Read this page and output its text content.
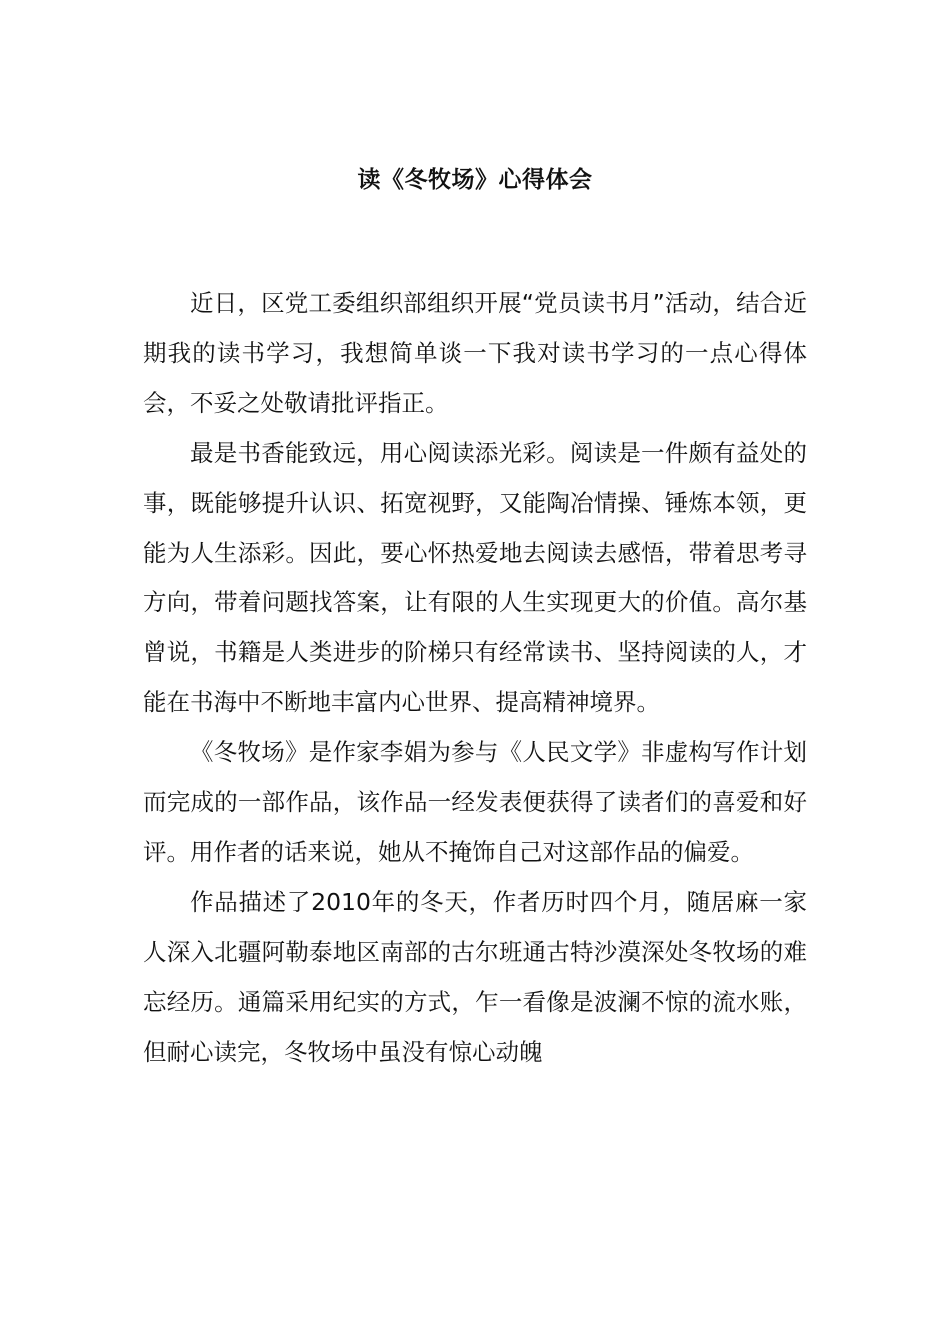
读《冬牧场》心得体会

近日，区党工委组织部组织开展“党员读书月”活动，结合近期我的读书学习，我想简单谈一下我对读书学习的一点心得体会，不妥之处敬请批评指正。

最是书香能致远，用心阅读添光彩。阅读是一件颇有益处的事，既能够提升认识、拓宽视野，又能陶冶情操、锤炼本领，更能为人生添彩。因此，要心怀热爱地去阅读去感悟，带着思考寻方向，带着问题找答案，让有限的人生实现更大的价值。高尔基曾说，书籍是人类进步的阶梯只有经常读书、坚持阅读的人，才能在书海中不断地丰富内心世界、提高精神境界。

《冬牧场》是作家李娟为参与《人民文学》非虚构写作计划而完成的一部作品，该作品一经发表便获得了读者们的喜爱和好评。用作者的话来说，她从不掩饰自己对这部作品的偏爱。

作品描述了2010年的冬天，作者历时四个月，随居麻一家人深入北疆阿勒泰地区南部的古尔班通古特沙漠深处冬牧场的难忘经历。通篇采用纪实的方式，乍一看像是波澜不惊的流水账，但耐心读完，冬牧场中虽没有惊心动魄
